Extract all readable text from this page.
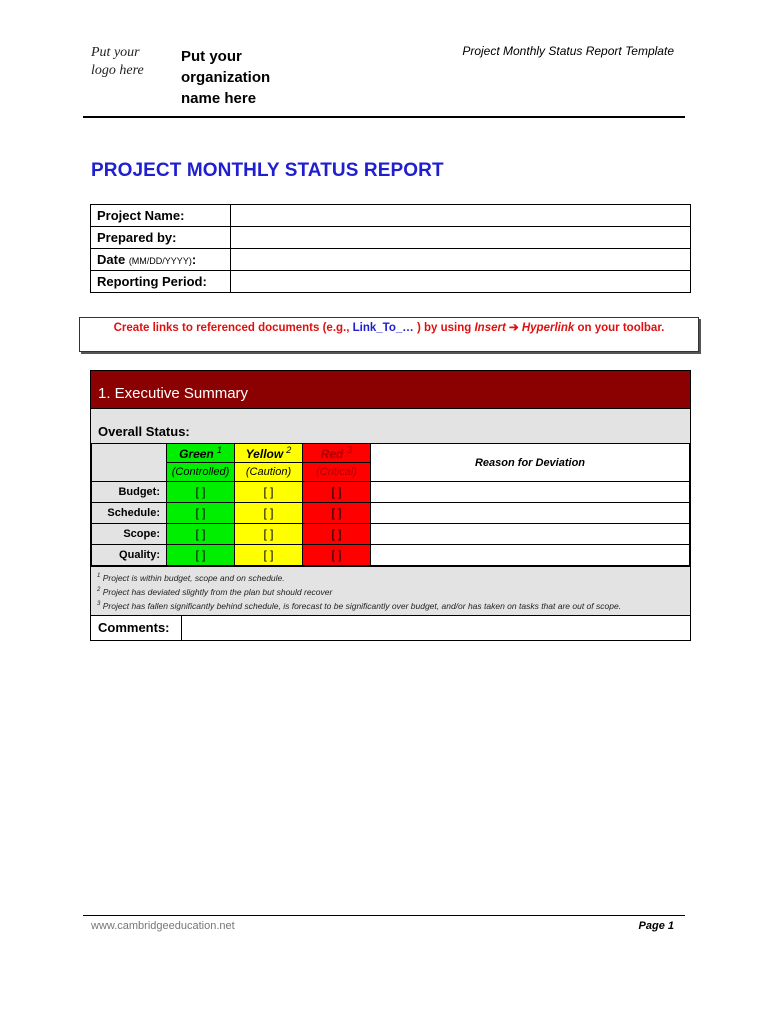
Put your logo here
Put your organization name here
Project Monthly Status Report Template
PROJECT MONTHLY STATUS REPORT
Project Name:	
Prepared by:	
Date (MM/DD/YYYY):	
Reporting Period:	
Create links to referenced documents (e.g., Link_To_… ) by using Insert ➔ Hyperlink on your toolbar.
1. Executive Summary
Overall Status:
	Green $^1$	Yellow $^2$	Red $^3$	Reason for Deviation
	(Controlled)	(Caution)	(Critical)	
Budget:	[ ]	[ ]	[ ]	
Schedule:	[ ]	[ ]	[ ]	
Scope:	[ ]	[ ]	[ ]	
Quality:	[ ]	[ ]	[ ]	
$^1$ Project is within budget, scope and on schedule.
$^2$ Project has deviated slightly from the plan but should recover
$^3$ Project has fallen significantly behind schedule, is forecast to be significantly over budget, and/or has taken on tasks that are out of scope.
Comments:
www.cambridgeeducation.net	Page 1
